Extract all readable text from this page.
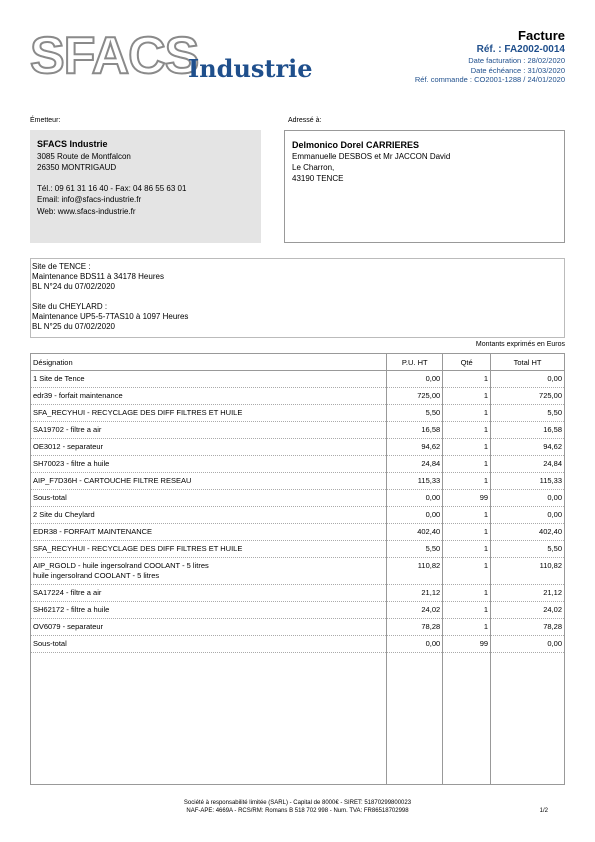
SFACS
Industrie
Facture
Réf. : FA2002-0014
Date facturation : 28/02/2020
Date échéance : 31/03/2020
Réf. commande : CO2001-1288 / 24/01/2020
Émetteur:	Adressé à:
SFACS Industrie
3085 Route de Montfalcon
26350 MONTRIGAUD
Tél.: 09 61 31 16 40 - Fax: 04 86 55 63 01
Email: info@sfacs-industrie.fr
Web: www.sfacs-industrie.fr
Delmonico Dorel CARRIERES
Emmanuelle DESBOS et Mr JACCON David
Le Charron,
43190 TENCE
Site de TENCE :
Maintenance BDS11 à 34178 Heures
BL N°24 du 07/02/2020
Site du CHEYLARD :
Maintenance UP5-5-7TAS10 à 1097 Heures
BL N°25 du 07/02/2020
Montants exprimés en Euros
Désignation	P.U. HT	Qté	Total HT

1 Site de Tence	0,00	1	0,00

edr39 - forfait maintenance	725,00	1	725,00

SFA_RECYHUI - RECYCLAGE DES DIFF FILTRES ET HUILE	5,50	1	5,50

SA19702 - filtre a air	16,58	1	16,58

OE3012 - separateur	94,62	1	94,62

SH70023 - filtre a huile	24,84	1	24,84

AIP_F7D36H - CARTOUCHE FILTRE RESEAU	115,33	1	115,33

Sous-total	0,00	99	0,00

2 Site du Cheylard	0,00	1	0,00

EDR38 - FORFAIT MAINTENANCE	402,40	1	402,40

SFA_RECYHUI - RECYCLAGE DES DIFF FILTRES ET HUILE	5,50	1	5,50

AIP_RGOLD - huile ingersolrand COOLANT - 5 litres
huile ingersolrand COOLANT - 5 litres	110,82	1	110,82

SA17224 - filtre a air	21,12	1	21,12

SH62172 - filtre a huile	24,02	1	24,02

OV6079 - separateur	78,28	1	78,28

Sous-total	0,00	99	0,00

Société à responsabilité limitée (SARL) - Capital de 8000€ - SIRET: 51870299800023
NAF-APE: 4669A - RCS/RM: Romans B 518 702 998 - Num. TVA: FR86518702998	1/2
